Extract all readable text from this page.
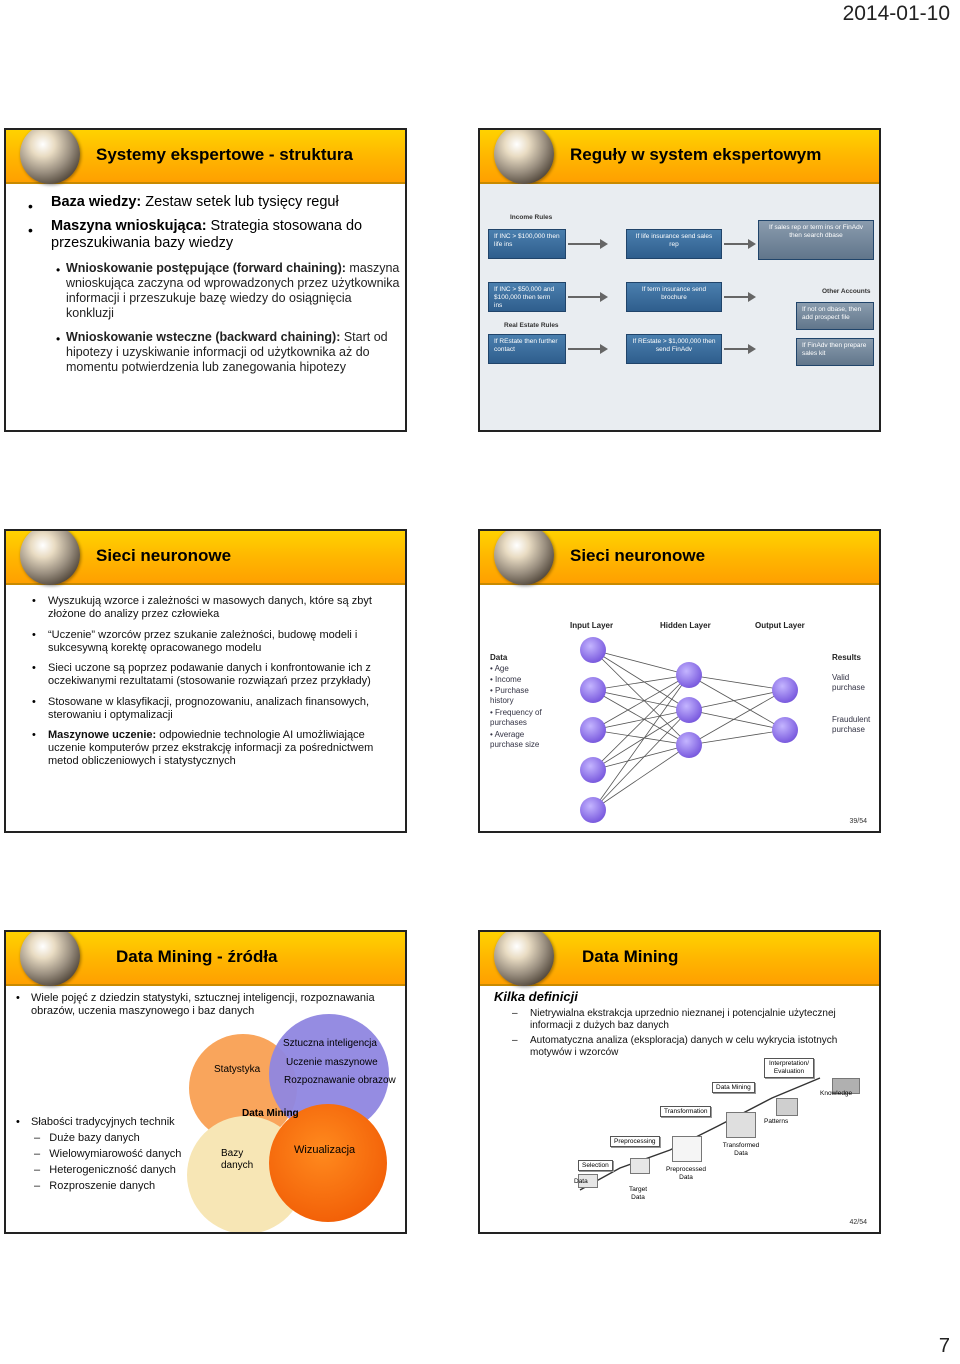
2014-01-10
Systemy ekspertowe - struktura
• Baza wiedzy: Zestaw setek lub tysięcy reguł
• Maszyna wnioskująca: Strategia stosowana do przeszukiwania bazy wiedzy
• Wnioskowanie postępujące (forward chaining): maszyna wnioskująca zaczyna od wprowadzonych przez użytkownika informacji i przeszukuje bazę wiedzy do osiągnięcia konkluzji
• Wnioskowanie wsteczne (backward chaining): Start od hipotezy i uzyskiwanie informacji od użytkownika aż do momentu potwierdzenia lub zanegowania hipotezy
Reguły w system ekspertowym
Income Rules
If INC > $100,000 then life ins
If INC > $50,000 and $100,000 then term ins
Real Estate Rules
If REstate then further contact
If life insurance send sales rep
If term insurance send brochure
If REstate > $1,000,000 then send FinAdv
If sales rep or term ins or FinAdv then search dbase
Other Accounts
If not on dbase, then add prospect file
If FinAdv then prepare sales kit
Sieci neuronowe
• Wyszukują wzorce i zależności w masowych danych, które są zbyt złożone do analizy przez człowieka
• “Uczenie” wzorców przez szukanie zależności, budowę modeli i sukcesywną korektę opracowanego modelu
• Sieci uczone są poprzez podawanie danych i konfrontowanie ich z oczekiwanymi rezultatami (stosowanie rozwiązań przez przykłady)
• Stosowane w klasyfikacji, prognozowaniu, analizach finansowych, sterowaniu i optymalizacji
• Maszynowe uczenie: odpowiednie technologie AI umożliwiające uczenie komputerów przez ekstrakcję informacji za pośrednictwem metod obliczeniowych i statystycznych
Sieci neuronowe
Input Layer	Hidden Layer	Output Layer
Data
• Age
• Income
• Purchase history
• Frequency of purchases
• Average purchase size
Results
Valid purchase
Fraudulent purchase
39/54
Data Mining - źródła
• Wiele pojęć z dziedzin statystyki, sztucznej inteligencji, rozpoznawania obrazów, uczenia maszynowego i baz danych
Statystyka
Sztuczna inteligencja
Uczenie maszynowe
Rozpoznawanie obrazow
Data Mining
Bazy danych
Wizualizacja
• Słabości tradycyjnych technik
–   Duże bazy danych
–   Wielowymiarowość danych
–   Heterogeniczność danych
–   Rozproszenie danych
Data Mining
Kilka definicji
– Nietrywialna ekstrakcja uprzednio nieznanej i potencjalnie użytecznej informacji z dużych baz danych
– Automatyczna analiza (eksploracja) danych w celu wykrycia istotnych motywów i wzorców
Selection
Preprocessing
Transformation
Data Mining
Interpretation/ Evaluation
Knowledge
Patterns
Transformed Data
Preprocessed Data
Target Data
Data
42/54
7
